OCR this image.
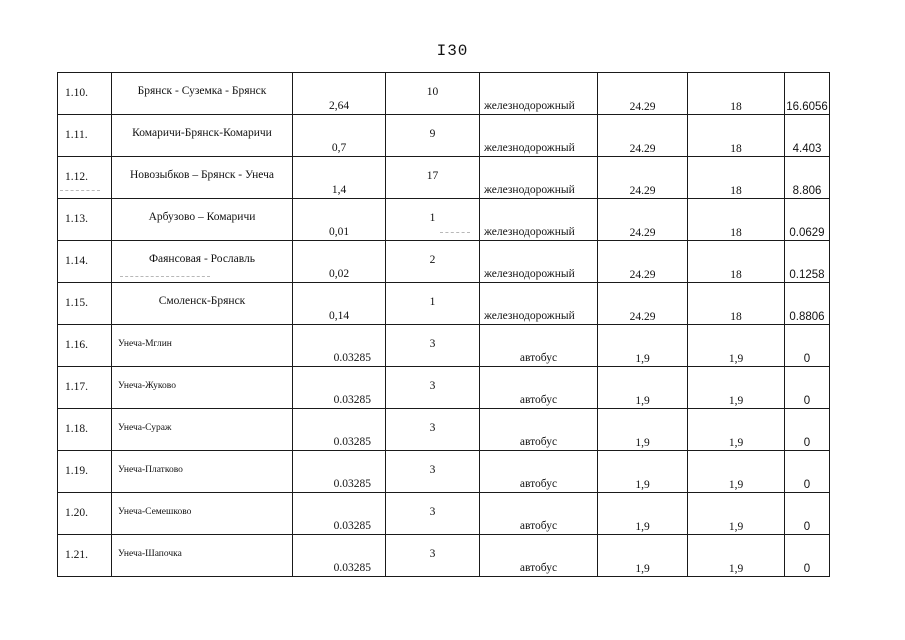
I30
1.10.	Брянск - Суземка - Брянск	2,64	10	железнодорожный	24.29	18	16.6056

1.11.	Комаричи-Брянск-Комаричи	0,7	9	железнодорожный	24.29	18	4.403

1.12.	Новозыбков – Брянск - Унеча	1,4	17	железнодорожный	24.29	18	8.806

1.13.	Арбузово – Комаричи	0,01	1	железнодорожный	24.29	18	0.0629

1.14.	Фаянсовая - Рославль	0,02	2	железнодорожный	24.29	18	0.1258

1.15.	Смоленск-Брянск	0,14	1	железнодорожный	24.29	18	0.8806

1.16.	Унеча-Мглин	0.03285	3	автобус	1,9	1,9	0

1.17.	Унеча-Жуково	0.03285	3	автобус	1,9	1,9	0

1.18.	Унеча-Сураж	0.03285	3	автобус	1,9	1,9	0

1.19.	Унеча-Платково	0.03285	3	автобус	1,9	1,9	0

1.20.	Унеча-Семешково	0.03285	3	автобус	1,9	1,9	0

1.21.	Унеча-Шапочка	0.03285	3	автобус	1,9	1,9	0
